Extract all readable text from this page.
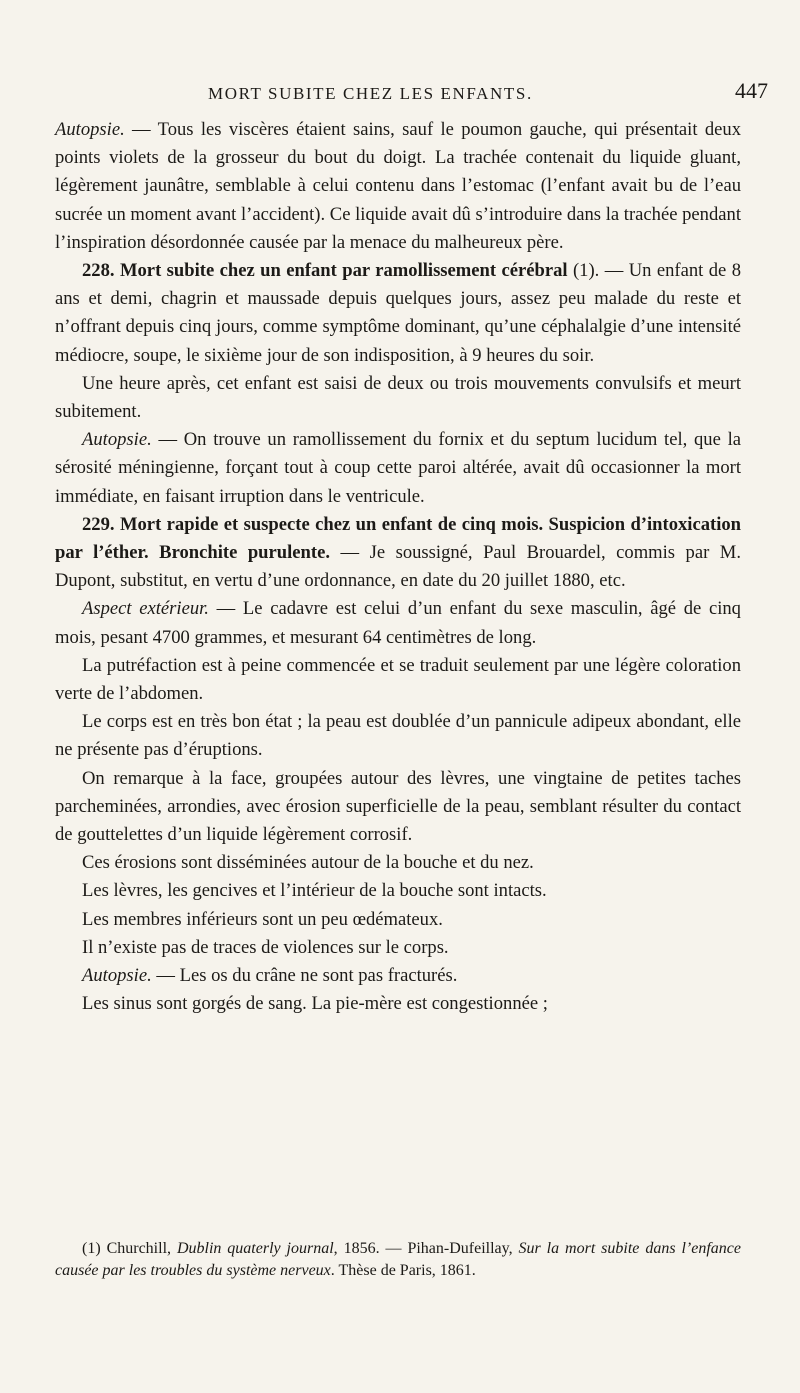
MORT SUBITE CHEZ LES ENFANTS.	447

Autopsie. — Tous les viscères étaient sains, sauf le poumon gauche, qui présentait deux points violets de la grosseur du bout du doigt. La trachée contenait du liquide gluant, légèrement jaunâtre, semblable à celui contenu dans l’estomac (l’enfant avait bu de l’eau sucrée un moment avant l’accident). Ce liquide avait dû s’introduire dans la trachée pendant l’inspiration désordonnée causée par la menace du malheureux père.

228. Mort subite chez un enfant par ramollissement cérébral (1). — Un enfant de 8 ans et demi, chagrin et maussade depuis quelques jours, assez peu malade du reste et n’offrant depuis cinq jours, comme symptôme dominant, qu’une céphalalgie d’une intensité médiocre, soupe, le sixième jour de son indisposition, à 9 heures du soir.

Une heure après, cet enfant est saisi de deux ou trois mouvements convulsifs et meurt subitement.

Autopsie. — On trouve un ramollissement du fornix et du septum lucidum tel, que la sérosité méningienne, forçant tout à coup cette paroi altérée, avait dû occasionner la mort immédiate, en faisant irruption dans le ventricule.

229. Mort rapide et suspecte chez un enfant de cinq mois. Suspicion d’intoxication par l’éther. Bronchite purulente. — Je soussigné, Paul Brouardel, commis par M. Dupont, substitut, en vertu d’une ordonnance, en date du 20 juillet 1880, etc.

Aspect extérieur. — Le cadavre est celui d’un enfant du sexe masculin, âgé de cinq mois, pesant 4700 grammes, et mesurant 64 centimètres de long.

La putréfaction est à peine commencée et se traduit seulement par une légère coloration verte de l’abdomen.

Le corps est en très bon état ; la peau est doublée d’un pannicule adipeux abondant, elle ne présente pas d’éruptions.

On remarque à la face, groupées autour des lèvres, une vingtaine de petites taches parcheminées, arrondies, avec érosion superficielle de la peau, semblant résulter du contact de gouttelettes d’un liquide légèrement corrosif.

Ces érosions sont disséminées autour de la bouche et du nez.

Les lèvres, les gencives et l’intérieur de la bouche sont intacts.

Les membres inférieurs sont un peu œdémateux.

Il n’existe pas de traces de violences sur le corps.

Autopsie. — Les os du crâne ne sont pas fracturés.

Les sinus sont gorgés de sang. La pie-mère est congestionnée ;

(1) Churchill, Dublin quaterly journal, 1856. — Pihan-Dufeillay, Sur la mort subite dans l’enfance causée par les troubles du système nerveux. Thèse de Paris, 1861.
